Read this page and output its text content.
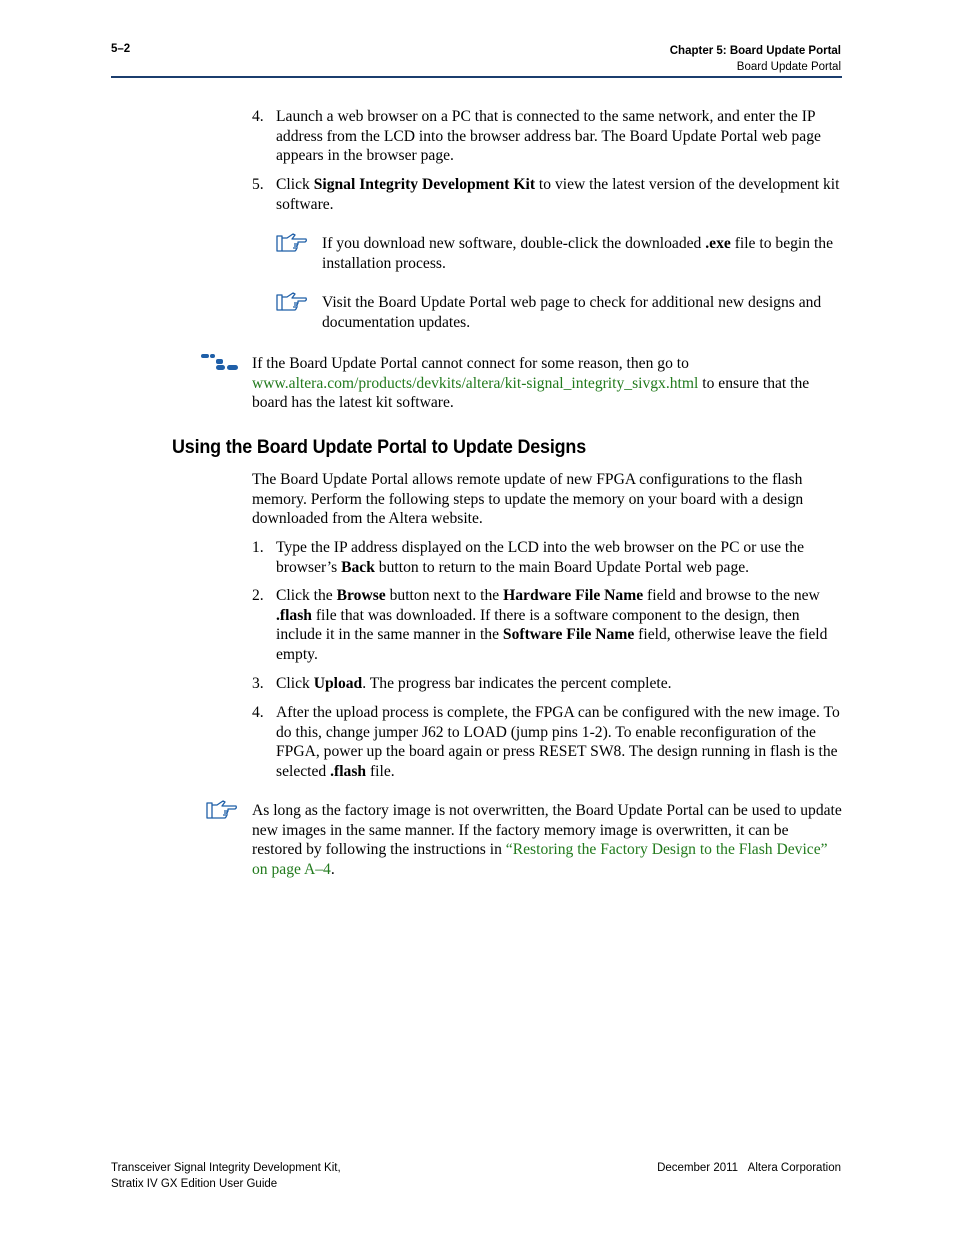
5–2	Chapter 5: Board Update Portal
Board Update Portal
4. Launch a web browser on a PC that is connected to the same network, and enter the IP address from the LCD into the browser address bar. The Board Update Portal web page appears in the browser page.
5. Click Signal Integrity Development Kit to view the latest version of the development kit software.
If you download new software, double-click the downloaded .exe file to begin the installation process.
Visit the Board Update Portal web page to check for additional new designs and documentation updates.
If the Board Update Portal cannot connect for some reason, then go to
www.altera.com/products/devkits/altera/kit-signal_integrity_sivgx.html to ensure that the board has the latest kit software.
Using the Board Update Portal to Update Designs
The Board Update Portal allows remote update of new FPGA configurations to the flash memory. Perform the following steps to update the memory on your board with a design downloaded from the Altera website.
1. Type the IP address displayed on the LCD into the web browser on the PC or use the browser’s Back button to return to the main Board Update Portal web page.
2. Click the Browse button next to the Hardware File Name field and browse to the new .flash file that was downloaded. If there is a software component to the design, then include it in the same manner in the Software File Name field, otherwise leave the field empty.
3. Click Upload. The progress bar indicates the percent complete.
4. After the upload process is complete, the FPGA can be configured with the new image. To do this, change jumper J62 to LOAD (jump pins 1-2). To enable reconfiguration of the FPGA, power up the board again or press RESET SW8. The design running in flash is the selected .flash file.
As long as the factory image is not overwritten, the Board Update Portal can be used to update new images in the same manner. If the factory memory image is overwritten, it can be restored by following the instructions in “Restoring the Factory Design to the Flash Device” on page A–4.
Transceiver Signal Integrity Development Kit,
Stratix IV GX Edition User Guide
December 2011 Altera Corporation
